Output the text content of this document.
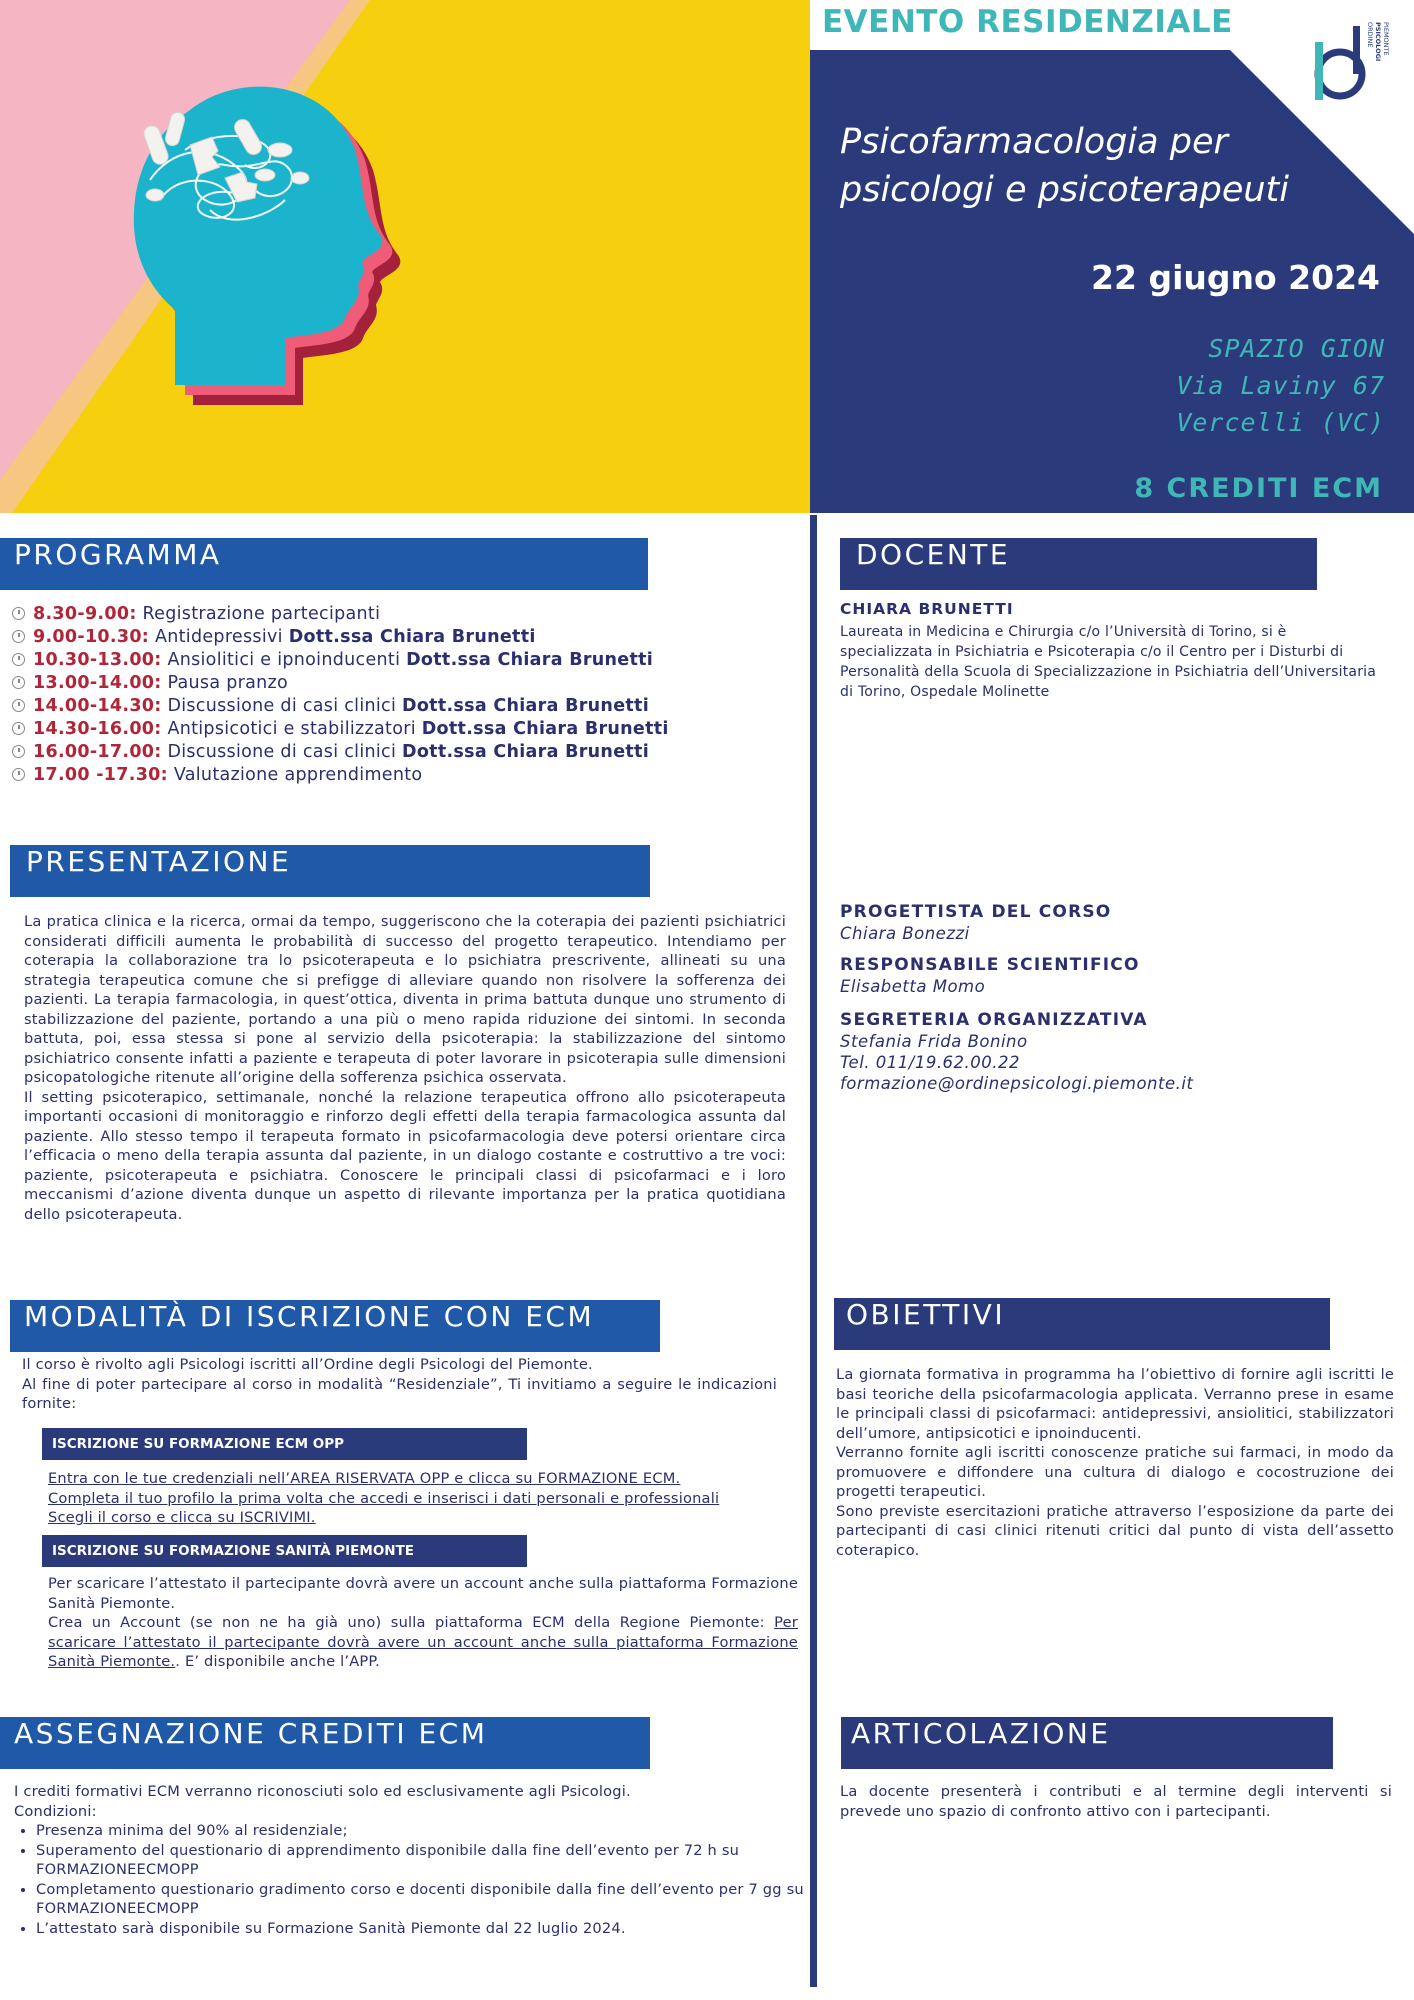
EVENTO RESIDENZIALE	ORDINE PSICOLOGI PIEMONTE
Psicofarmacologia per
psicologi e psicoterapeuti
22 giugno 2024
SPAZIO GION
Via Laviny 67
Vercelli (VC)
8 CREDITI ECM
PROGRAMMA
8.30-9.00: Registrazione partecipanti
9.00-10.30: Antidepressivi Dott.ssa Chiara Brunetti
10.30-13.00: Ansiolitici e ipnoinducenti Dott.ssa Chiara Brunetti
13.00-14.00: Pausa pranzo
14.00-14.30: Discussione di casi clinici Dott.ssa Chiara Brunetti
14.30-16.00: Antipsicotici e stabilizzatori Dott.ssa Chiara Brunetti
16.00-17.00: Discussione di casi clinici Dott.ssa Chiara Brunetti
17.00 -17.30: Valutazione apprendimento
DOCENTE
CHIARA BRUNETTI

Laureata in Medicina e Chirurgia c/o l’Università di Torino, si è specializzata in Psichiatria e Psicoterapia c/o il Centro per i Disturbi di Personalità della Scuola di Specializzazione in Psichiatria dell’Universitaria di Torino, Ospedale Molinette

PRESENTAZIONE

La pratica clinica e la ricerca, ormai da tempo, suggeriscono che la coterapia dei pazienti psichiatrici considerati difficili aumenta le probabilità di successo del progetto terapeutico. Intendiamo per coterapia la collaborazione tra lo psicoterapeuta e lo psichiatra prescrivente, allineati su una strategia terapeutica comune che si prefigge di alleviare quando non risolvere la sofferenza dei pazienti. La terapia farmacologia, in quest’ottica, diventa in prima battuta dunque uno strumento di stabilizzazione del paziente, portando a una più o meno rapida riduzione dei sintomi. In seconda battuta, poi, essa stessa si pone al servizio della psicoterapia: la stabilizzazione del sintomo psichiatrico consente infatti a paziente e terapeuta di poter lavorare in psicoterapia sulle dimensioni psicopatologiche ritenute all’origine della sofferenza psichica osservata.

Il setting psicoterapico, settimanale, nonché la relazione terapeutica offrono allo psicoterapeuta importanti occasioni di monitoraggio e rinforzo degli effetti della terapia farmacologica assunta dal paziente. Allo stesso tempo il terapeuta formato in psicofarmacologia deve potersi orientare circa l’efficacia o meno della terapia assunta dal paziente, in un dialogo costante e costruttivo a tre voci: paziente, psicoterapeuta e psichiatra. Conoscere le principali classi di psicofarmaci e i loro meccanismi d’azione diventa dunque un aspetto di rilevante importanza per la pratica quotidiana dello psicoterapeuta.

PROGETTISTA DEL CORSO
Chiara Bonezzi
RESPONSABILE SCIENTIFICO
Elisabetta Momo
SEGRETERIA ORGANIZZATIVA
Stefania Frida Bonino
Tel. 011/19.62.00.22
formazione@ordinepsicologi.piemonte.it
MODALITÀ DI ISCRIZIONE CON ECM

Il corso è rivolto agli Psicologi iscritti all’Ordine degli Psicologi del Piemonte.

Al fine di poter partecipare al corso in modalità “Residenziale”, Ti invitiamo a seguire le indicazioni fornite:

ISCRIZIONE SU FORMAZIONE ECM OPP
Entra con le tue credenziali nell’AREA RISERVATA OPP e clicca su FORMAZIONE ECM.
Completa il tuo profilo la prima volta che accedi e inserisci i dati personali e professionali
Scegli il corso e clicca su ISCRIVIMI.
ISCRIZIONE SU FORMAZIONE SANITÀ PIEMONTE

Per scaricare l’attestato il partecipante dovrà avere un account anche sulla piattaforma Formazione Sanità Piemonte.

Crea un Account (se non ne ha già uno) sulla piattaforma ECM della Regione Piemonte: Per scaricare l’attestato il partecipante dovrà avere un account anche sulla piattaforma Formazione Sanità Piemonte.. E’ disponibile anche l’APP.

OBIETTIVI

La giornata formativa in programma ha l’obiettivo di fornire agli iscritti le basi teoriche della psicofarmacologia applicata. Verranno prese in esame le principali classi di psicofarmaci: antidepressivi, ansiolitici, stabilizzatori dell’umore, antipsicotici e ipnoinducenti.

Verranno fornite agli iscritti conoscenze pratiche sui farmaci, in modo da promuovere e diffondere una cultura di dialogo e cocostruzione dei progetti terapeutici.

Sono previste esercitazioni pratiche attraverso l’esposizione da parte dei partecipanti di casi clinici ritenuti critici dal punto di vista dell’assetto coterapico.

ASSEGNAZIONE CREDITI ECM

I crediti formativi ECM verranno riconosciuti solo ed esclusivamente agli Psicologi.

Condizioni:

• Presenza minima del 90% al residenziale;
• Superamento del questionario di apprendimento disponibile dalla fine dell’evento per 72 h su FORMAZIONEECMOPP
• Completamento questionario gradimento corso e docenti disponibile dalla fine dell’evento per 7 gg su FORMAZIONEECMOPP
• L’attestato sarà disponibile su Formazione Sanità Piemonte dal 22 luglio 2024.
ARTICOLAZIONE

La docente presenterà i contributi e al termine degli interventi si prevede uno spazio di confronto attivo con i partecipanti.
